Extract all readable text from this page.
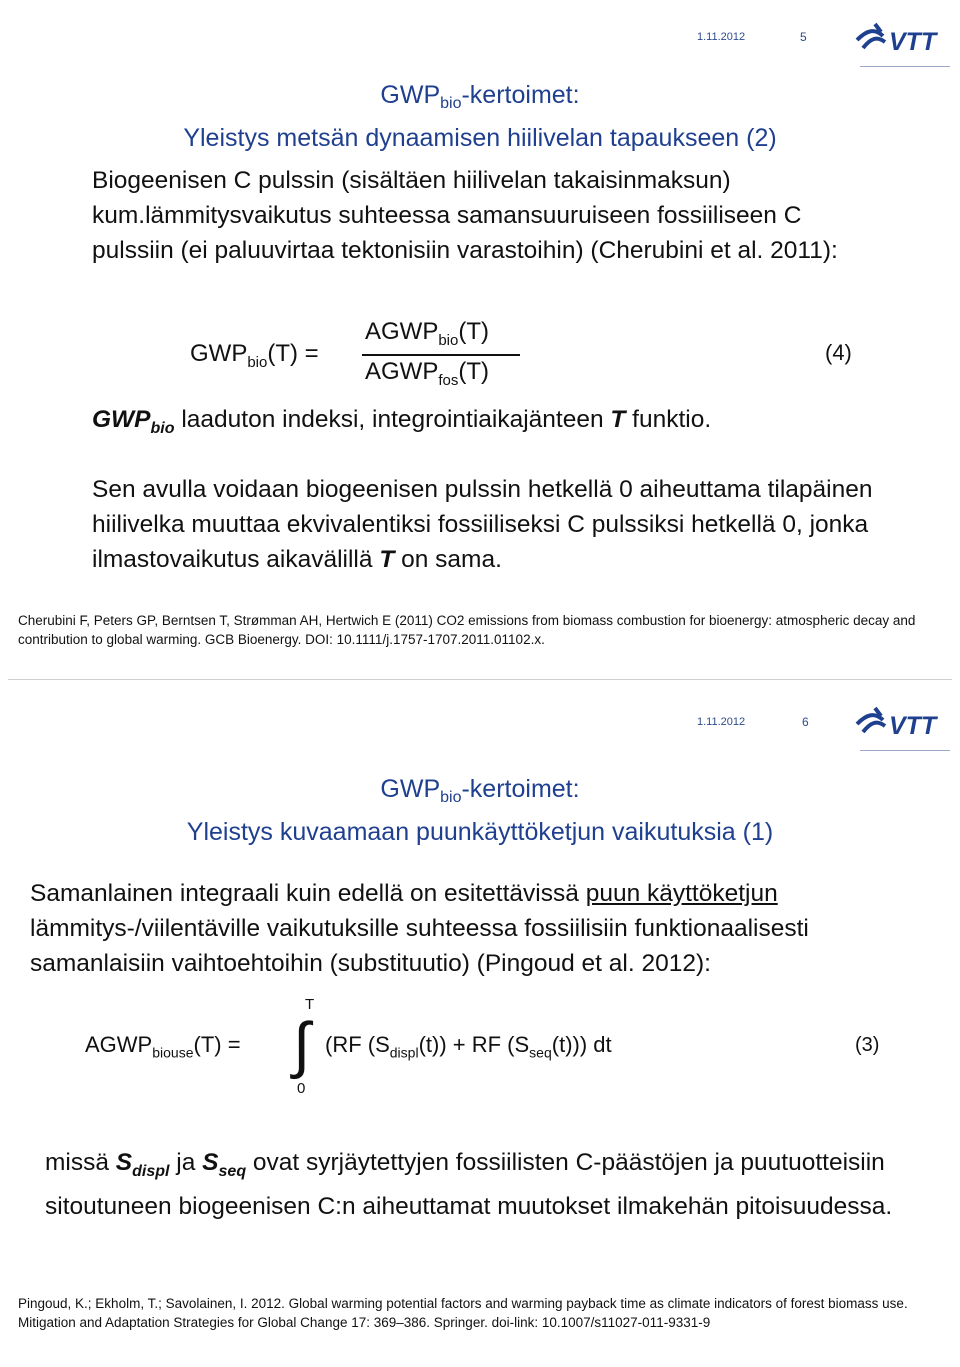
1.11.2012	5	VTT
$GWP_{bio}$-kertoimet:
Yleistys metsän dynaamisen hiilivelan tapaukseen (2)
Biogeenisen C pulssin (sisältäen hiilivelan takaisinmaksun) kum.lämmitysvaikutus suhteessa samansuuruiseen fossiiliseen C pulssiin (ei paluuvirtaa tektonisiin varastoihin) (Cherubini et al. 2011):
$GWP_{bio}(T)$ =
$AGWP_{bio}(T)$
$AGWP_{fos}(T)$
(4)
$GWP_{bio}$ laaduton indeksi, integrointiaikajänteen T funktio.
Sen avulla voidaan biogeenisen pulssin hetkellä 0 aiheuttama tilapäinen hiilivelka muuttaa ekvivalentiksi fossiiliseksi C pulssiksi hetkellä 0, jonka ilmastovaikutus aikavälillä T on sama.
Cherubini F, Peters GP, Berntsen T, Strømman AH, Hertwich E (2011) CO2 emissions from biomass combustion for bioenergy: atmospheric decay and contribution to global warming. GCB Bioenergy. DOI: 10.1111/j.1757-1707.2011.01102.x.
1.11.2012	6	VTT
$GWP_{bio}$-kertoimet:
Yleistys kuvaamaan puunkäyttöketjun vaikutuksia (1)
Samanlainen integraali kuin edellä on esitettävissä puun käyttöketjun lämmitys-/viilentäville vaikutuksille suhteessa fossiilisiin funktionaalisesti samanlaisiin vaihtoehtoihin (substituutio) (Pingoud et al. 2012):
$AGWP_{biouse}(T)$ =
T
∫
0
(RF $(S_{displ}(t))$ + RF $(S_{seq}(t))$) dt	(3)
missä $S_{displ}$ ja $S_{seq}$ ovat syrjäytettyjen fossiilisten C-päästöjen ja puutuotteisiin sitoutuneen biogeenisen C:n aiheuttamat muutokset ilmakehän pitoisuudessa.
Pingoud, K.; Ekholm, T.; Savolainen, I. 2012. Global warming potential factors and warming payback time as climate indicators of forest biomass use. Mitigation and Adaptation Strategies for Global Change 17: 369–386. Springer. doi-link: 10.1007/s11027-011-9331-9
